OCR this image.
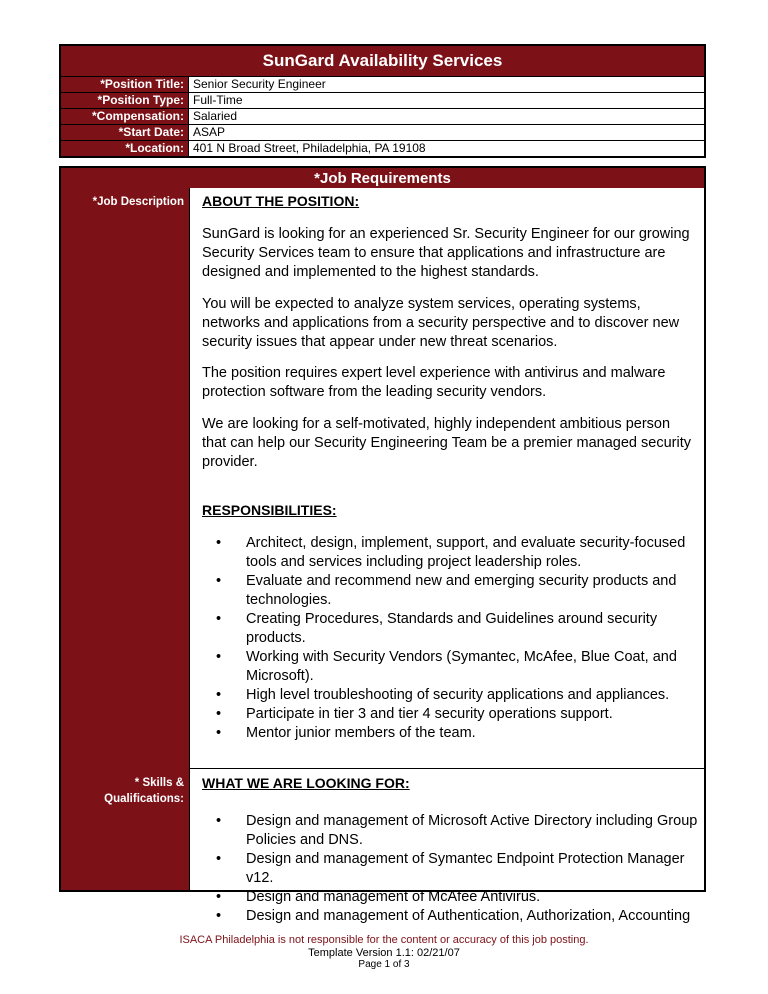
SunGard Availability Services
*Position Title: Senior Security Engineer
*Position Type: Full-Time
*Compensation: Salaried
*Start Date: ASAP
*Location: 401 N Broad Street, Philadelphia, PA 19108
*Job Requirements
*Job Description
* Skills &
Qualifications:
ABOUT THE POSITION:
SunGard is looking for an experienced Sr. Security Engineer for our growing Security Services team to ensure that applications and infrastructure are designed and implemented to the highest standards.
You will be expected to analyze system services, operating systems, networks and applications from a security perspective and to discover new security issues that appear under new threat scenarios.
The position requires expert level experience with antivirus and malware protection software from the leading security vendors.
We are looking for a self-motivated, highly independent ambitious person that can help our Security Engineering Team be a premier managed security provider.
RESPONSIBILITIES:
• Architect, design, implement, support, and evaluate security-focused tools and services including project leadership roles.
• Evaluate and recommend new and emerging security products and technologies.
• Creating Procedures, Standards and Guidelines around security products.
• Working with Security Vendors (Symantec, McAfee, Blue Coat, and Microsoft).
• High level troubleshooting of security applications and appliances.
• Participate in tier 3 and tier 4 security operations support.
• Mentor junior members of the team.
WHAT WE ARE LOOKING FOR:
• Design and management of Microsoft Active Directory including Group Policies and DNS.
• Design and management of Symantec Endpoint Protection Manager v12.
• Design and management of McAfee Antivirus.
• Design and management of Authentication, Authorization, Accounting
ISACA Philadelphia is not responsible for the content or accuracy of this job posting.
Template Version 1.1: 02/21/07
Page 1 of 3
